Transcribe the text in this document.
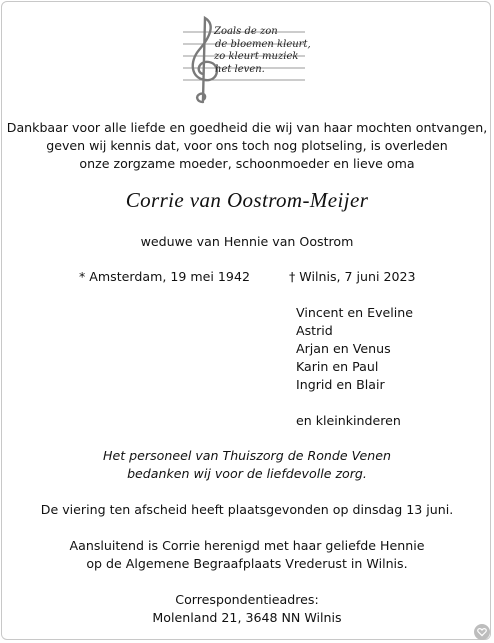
Zoals de zon
de bloemen kleurt,
zo kleurt muziek
het leven.
Dankbaar voor alle liefde en goedheid die wij van haar mochten ontvangen,
geven wij kennis dat, voor ons toch nog plotseling, is overleden
onze zorgzame moeder, schoonmoeder en lieve oma
Corrie van Oostrom-Meijer
weduwe van Hennie van Oostrom
* Amsterdam, 19 mei 1942	† Wilnis, 7 juni 2023
Vincent en Eveline
Astrid
Arjan en Venus
Karin en Paul
Ingrid en Blair
en kleinkinderen
Het personeel van Thuiszorg de Ronde Venen
bedanken wij voor de liefdevolle zorg.
De viering ten afscheid heeft plaatsgevonden op dinsdag 13 juni.
Aansluitend is Corrie herenigd met haar geliefde Hennie
op de Algemene Begraafplaats Vrederust in Wilnis.
Correspondentieadres:
Molenland 21, 3648 NN Wilnis
